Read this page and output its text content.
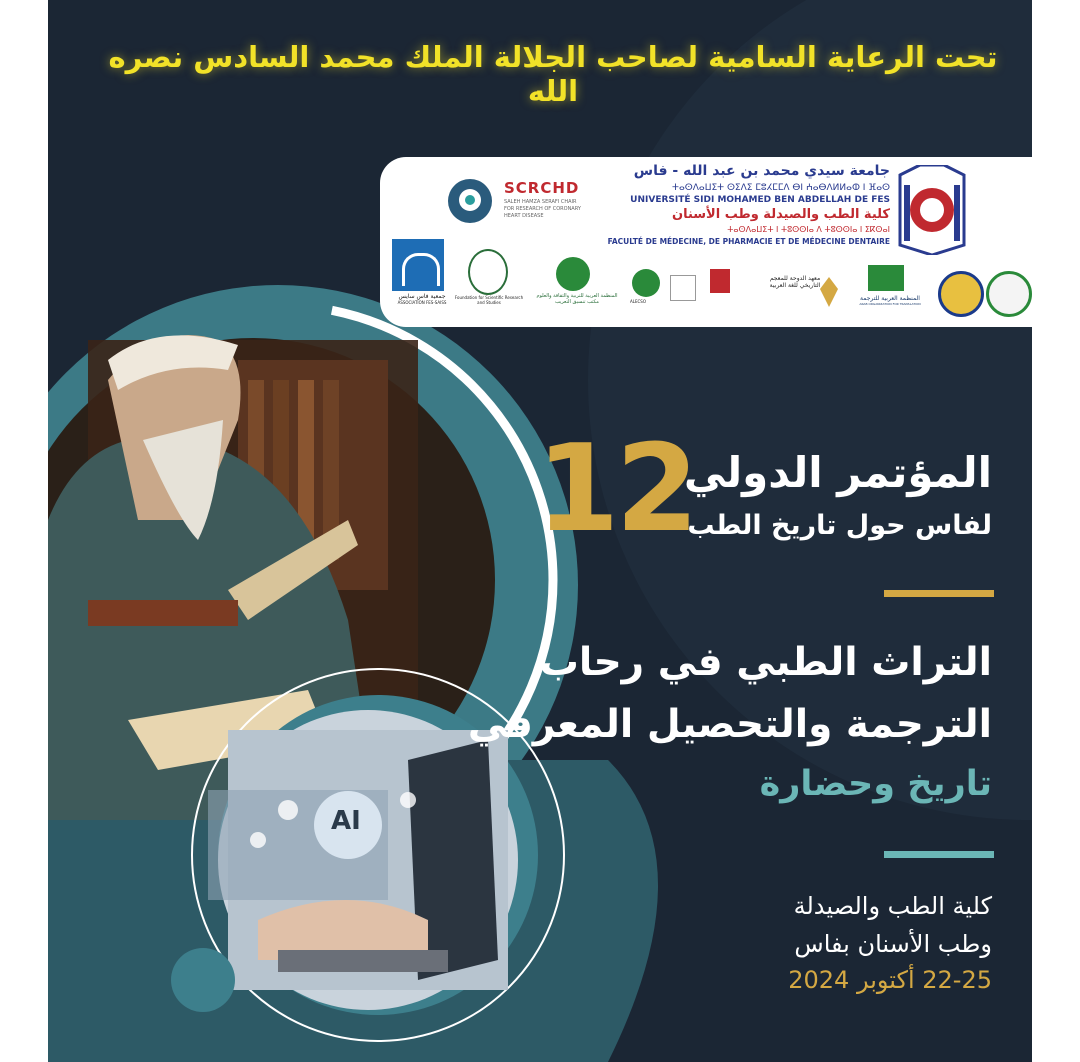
AI
تحت الرعاية السامية لصاحب الجلالة الملك محمد السادس نصره الله
SCRCHD
SALEH HAMZA SERAFI CHAIR
FOR RESEARCH OF CORONARY
HEART DISEASE
جامعة سيدي محمد بن عبد الله - فاس
ⵜⴰⵙⴷⴰⵡⵉⵜ ⵙⵉⴷⵉ ⵎⵓⵃⵎⵎⴷ ⴱⵏ ⵄⴰⴱⴷⵍⵍⴰⵀ ⵏ ⴼⴰⵙ
UNIVERSITÉ SIDI MOHAMED BEN ABDELLAH DE FES
كلية الطب والصيدلة وطب الأسنان
ⵜⴰⵙⴷⴰⵡⵉⵜ ⵏ ⵜⵓⵙⵙⵏⴰ ⴷ ⵜⵓⵙⵙⵏⴰ ⵏ ⵉⴽⵙⴰⵏ
FACULTÉ DE MÉDECINE, DE PHARMACIE ET DE MÉDECINE DENTAIRE
جمعية فاس سايس
ASSOCIATION FES-SAISS
Foundation for Scientific Research and Studies
المنظمة العربية للتربية والثقافة والعلوم
مكتب تنسيق التعريب	ALECSO
معهد الدوحة للمعجم التاريخي للغة العربية
المنظمة العربية للترجمة
ARAB ORGANIZATION FOR TRANSLATION
12
المؤتمر الدولي
لفاس حول تاريخ الطب
التراث الطبي في رحاب
الترجمة والتحصيل المعرفي
تاريخ وحضارة
كلية الطب والصيدلة
وطب الأسنان بفاس
22-25 أكتوبر 2024
